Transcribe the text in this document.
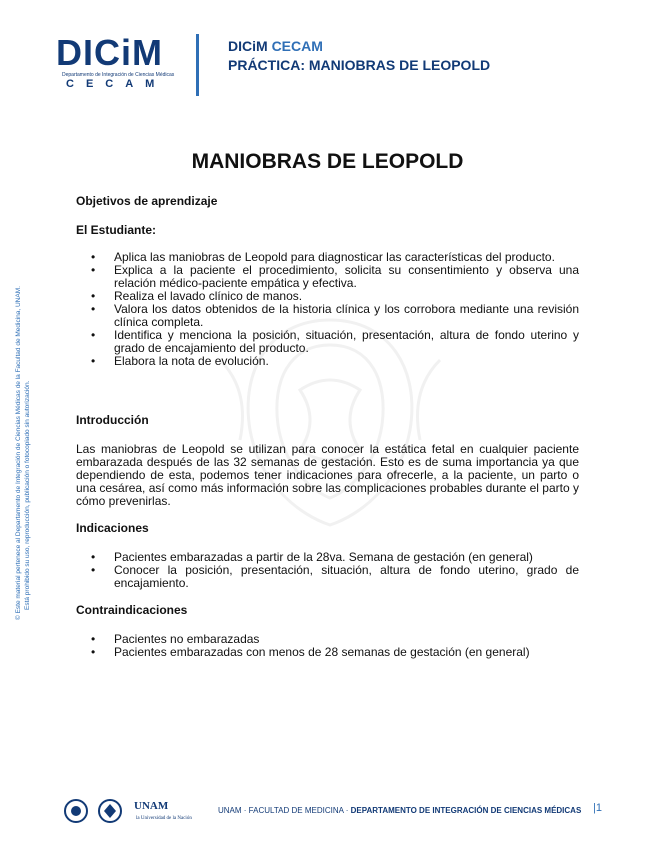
DICiM
Departamento de Integración de Ciencias Médicas
CECAM
DICiM CECAM
PRÁCTICA: MANIOBRAS DE LEOPOLD
© Este material pertenece al Departamento de Integración de Ciencias Médicas de la Facultad de Medicina, UNAM. Está prohibido su uso, reproducción, publicación o fotocopiado sin autorización.
MANIOBRAS DE LEOPOLD
Objetivos de aprendizaje
El Estudiante:
• Aplica las maniobras de Leopold para diagnosticar las características del producto.
• Explica a la paciente el procedimiento, solicita su consentimiento y observa una relación médico-paciente empática y efectiva.
• Realiza el lavado clínico de manos.
• Valora los datos obtenidos de la historia clínica y los corrobora mediante una revisión clínica completa.
• Identifica y menciona la posición, situación, presentación, altura de fondo uterino y grado de encajamiento del producto.
• Elabora la nota de evolución.
Introducción

Las maniobras de Leopold se utilizan para conocer la estática fetal en cualquier paciente embarazada después de las 32 semanas de gestación. Esto es de suma importancia ya que dependiendo de esta, podemos tener indicaciones para ofrecerle, a la paciente, un parto o una cesárea, así como más información sobre las complicaciones probables durante el parto y cómo prevenirlas.

Indicaciones
• Pacientes embarazadas a partir de la 28va. Semana de gestación (en general)
• Conocer la posición, presentación, situación, altura de fondo uterino, grado de encajamiento.
Contraindicaciones
• Pacientes no embarazadas
• Pacientes embarazadas con menos de 28 semanas de gestación (en general)
UNAM
la Universidad de la Nación
UNAM · FACULTAD DE MEDICINA · DEPARTAMENTO DE INTEGRACIÓN DE CIENCIAS MÉDICAS |1
